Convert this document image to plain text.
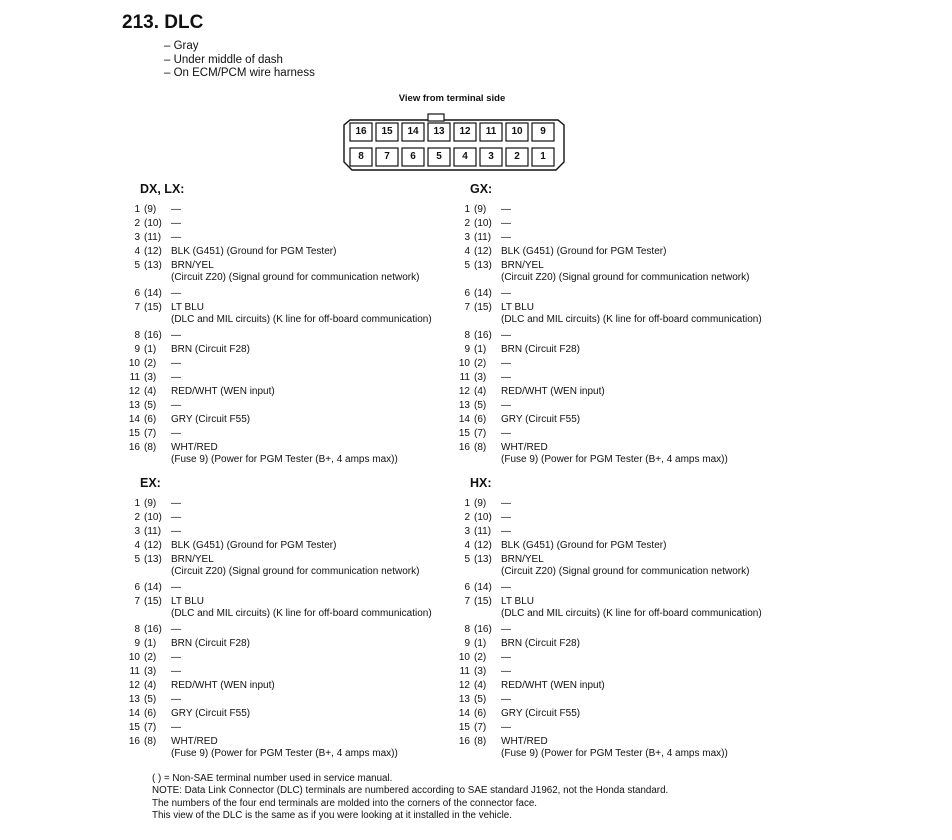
213. DLC
– Gray
– Under middle of dash
– On ECM/PCM wire harness
View from terminal side
16	15	14	13	12	11	10	9
8	7	6	5	4	3	2	1
DX, LX:
1 (9) —
2 (10) —
3 (11) —
4 (12) BLK (G451) (Ground for PGM Tester)
5 (13) BRN/YEL
(Circuit Z20) (Signal ground for communication network)
6 (14) —
7 (15) LT BLU
(DLC and MIL circuits) (K line for off-board communication)
8 (16) —
9 (1) BRN (Circuit F28)
10 (2) —
11 (3) —
12 (4) RED/WHT (WEN input)
13 (5) —
14 (6) GRY (Circuit F55)
15 (7) —
16 (8) WHT/RED
(Fuse 9) (Power for PGM Tester (B+, 4 amps max))
GX:
1 (9) —
2 (10) —
3 (11) —
4 (12) BLK (G451) (Ground for PGM Tester)
5 (13) BRN/YEL
(Circuit Z20) (Signal ground for communication network)
6 (14) —
7 (15) LT BLU
(DLC and MIL circuits) (K line for off-board communication)
8 (16) —
9 (1) BRN (Circuit F28)
10 (2) —
11 (3) —
12 (4) RED/WHT (WEN input)
13 (5) —
14 (6) GRY (Circuit F55)
15 (7) —
16 (8) WHT/RED
(Fuse 9) (Power for PGM Tester (B+, 4 amps max))
EX:
1 (9) —
2 (10) —
3 (11) —
4 (12) BLK (G451) (Ground for PGM Tester)
5 (13) BRN/YEL
(Circuit Z20) (Signal ground for communication network)
6 (14) —
7 (15) LT BLU
(DLC and MIL circuits) (K line for off-board communication)
8 (16) —
9 (1) BRN (Circuit F28)
10 (2) —
11 (3) —
12 (4) RED/WHT (WEN input)
13 (5) —
14 (6) GRY (Circuit F55)
15 (7) —
16 (8) WHT/RED
(Fuse 9) (Power for PGM Tester (B+, 4 amps max))
HX:
1 (9) —
2 (10) —
3 (11) —
4 (12) BLK (G451) (Ground for PGM Tester)
5 (13) BRN/YEL
(Circuit Z20) (Signal ground for communication network)
6 (14) —
7 (15) LT BLU
(DLC and MIL circuits) (K line for off-board communication)
8 (16) —
9 (1) BRN (Circuit F28)
10 (2) —
11 (3) —
12 (4) RED/WHT (WEN input)
13 (5) —
14 (6) GRY (Circuit F55)
15 (7) —
16 (8) WHT/RED
(Fuse 9) (Power for PGM Tester (B+, 4 amps max))
( ) = Non-SAE terminal number used in service manual.
NOTE: Data Link Connector (DLC) terminals are numbered according to SAE standard J1962, not the Honda standard.
The numbers of the four end terminals are molded into the corners of the connector face.
This view of the DLC is the same as if you were looking at it installed in the vehicle.
